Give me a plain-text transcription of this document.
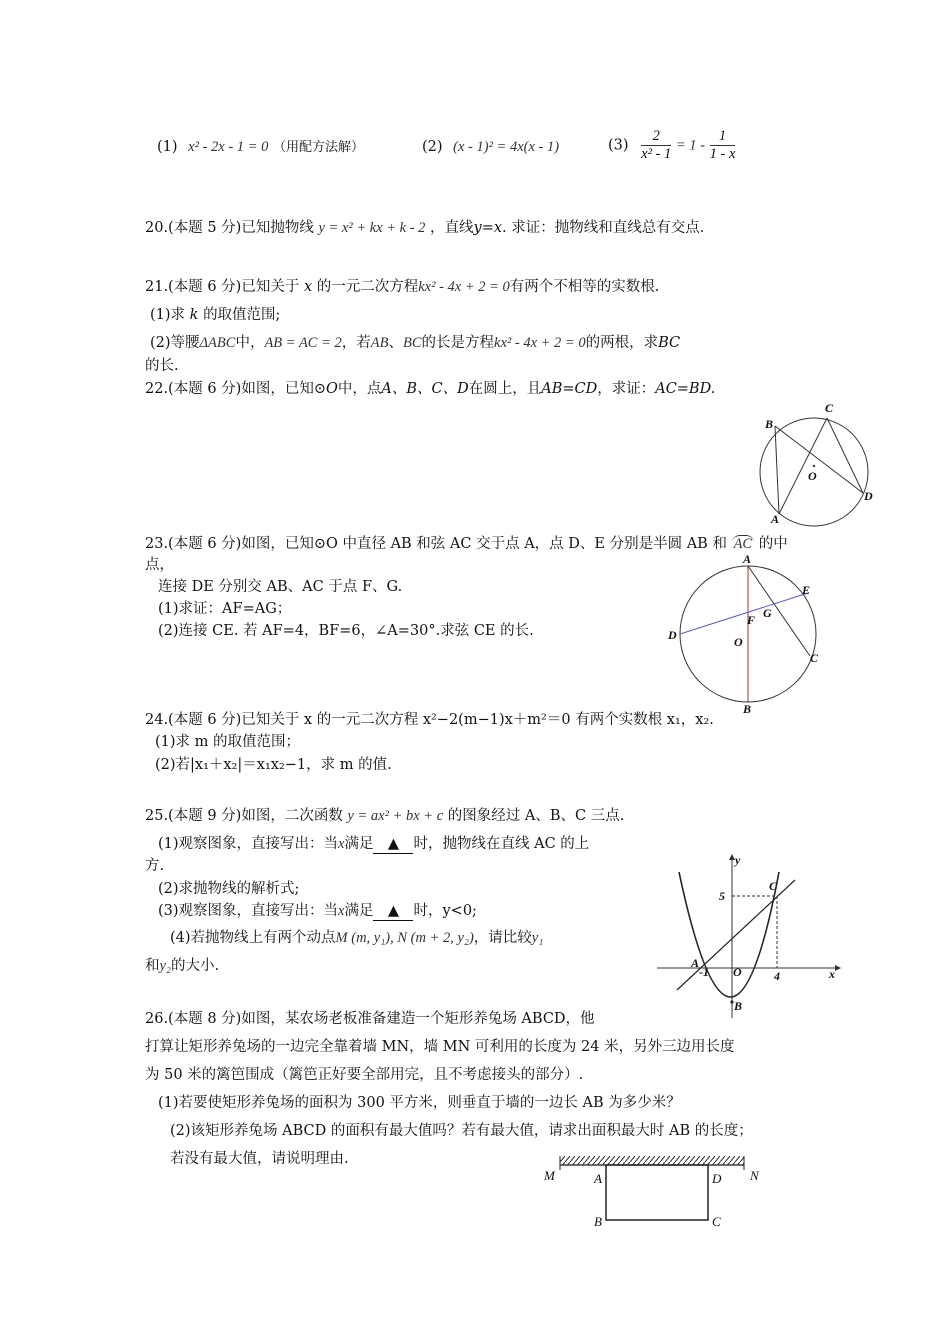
(1) x² - 2x - 1 = 0 （用配方法解）	(2) (x - 1)² = 4x(x - 1)	$(3) \frac{2}{\text{x² - 1}} = 1 - \frac{1}{1 - x}$
20.(本题 5 分)已知抛物线 y = x² + kx + k - 2 ，直线y=x. 求证：抛物线和直线总有交点.
21.(本题 6 分)已知关于 x 的一元二次方程kx² - 4x + 2 = 0有两个不相等的实数根.
(1)求 k 的取值范围;
(2)等腰ΔABC中，AB = AC = 2，若AB、BC的长是方程kx² - 4x + 2 = 0的两根，求BC
的长.
22.(本题 6 分)如图，已知⊙O中，点A、B、C、D在圆上，且AB=CD，求证：AC=BD.
B
C
O
D
A
23.(本题 6 分)如图，已知⊙O 中直径 AB 和弦 AC 交于点 A，点 D、E 分别是半圆 AB 和 AC 的中
点，
连接 DE 分别交 AB、AC 于点 F、G.
(1)求证：AF=AG；
(2)连接 CE. 若 AF=4，BF=6，∠A=30°.求弦 CE 的长.
A
E
G
F
D	O
C
B
24.(本题 6 分)已知关于 x 的一元二次方程 x²−2(m−1)x＋m²＝0 有两个实数根 x₁，x₂.
(1)求 m 的取值范围；
(2)若|x₁＋x₂|＝x₁x₂−1，求 m 的值.
25.(本题 9 分)如图，二次函数 y = ax² + bx + c 的图象经过 A、B、C 三点.
(1)观察图象，直接写出：当x满足 ▲ 时，抛物线在直线 AC 的上
方.
(2)求抛物线的解析式;
(3)观察图象，直接写出：当x满足 ▲ 时，y<0;
(4)若抛物线上有两个动点M (m, y₁), N (m + 2, y₂)，请比较y₁
和y₂的大小.
y
C
5
A
-1 O	4	x
B
26.(本题 8 分)如图，某农场老板准备建造一个矩形养兔场 ABCD，他
打算让矩形养兔场的一边完全靠着墙 MN，墙 MN 可利用的长度为 24 米，另外三边用长度
为 50 米的篱笆围成（篱笆正好要全部用完，且不考虑接头的部分）.
(1)若要使矩形养兔场的面积为 300 平方米，则垂直于墙的一边长 AB 为多少米？
(2)该矩形养兔场 ABCD 的面积有最大值吗？若有最大值，请求出面积最大时 AB 的长度；
若没有最大值，请说明理由.
M	A	D N
B	C
